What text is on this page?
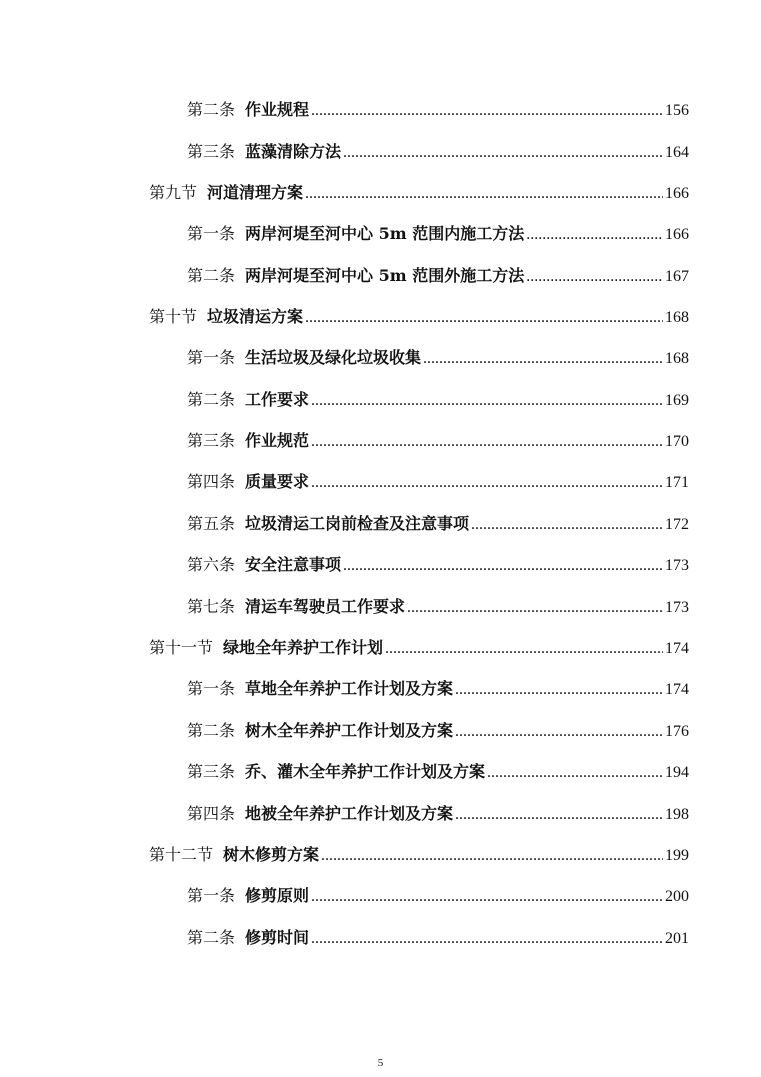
第二条 作业规程 .....	156
第三条 蓝藻清除方法 .....	164
第九节 河道清理方案 .....	166
第一条 两岸河堤至河中心 5m 范围内施工方法 .....	166
第二条 两岸河堤至河中心 5m 范围外施工方法 .....	167
第十节 垃圾清运方案 .....	168
第一条 生活垃圾及绿化垃圾收集 .....	168
第二条 工作要求 .....	169
第三条 作业规范 .....	170
第四条 质量要求 .....	171
第五条 垃圾清运工岗前检查及注意事项 .....	172
第六条 安全注意事项 .....	173
第七条 清运车驾驶员工作要求 .....	173
第十一节 绿地全年养护工作计划 .....	174
第一条 草地全年养护工作计划及方案 .....	174
第二条 树木全年养护工作计划及方案 .....	176
第三条 乔、灌木全年养护工作计划及方案 .....	194
第四条 地被全年养护工作计划及方案 .....	198
第十二节 树木修剪方案 .....	199
第一条 修剪原则 .....	200
第二条 修剪时间 .....	201
5
